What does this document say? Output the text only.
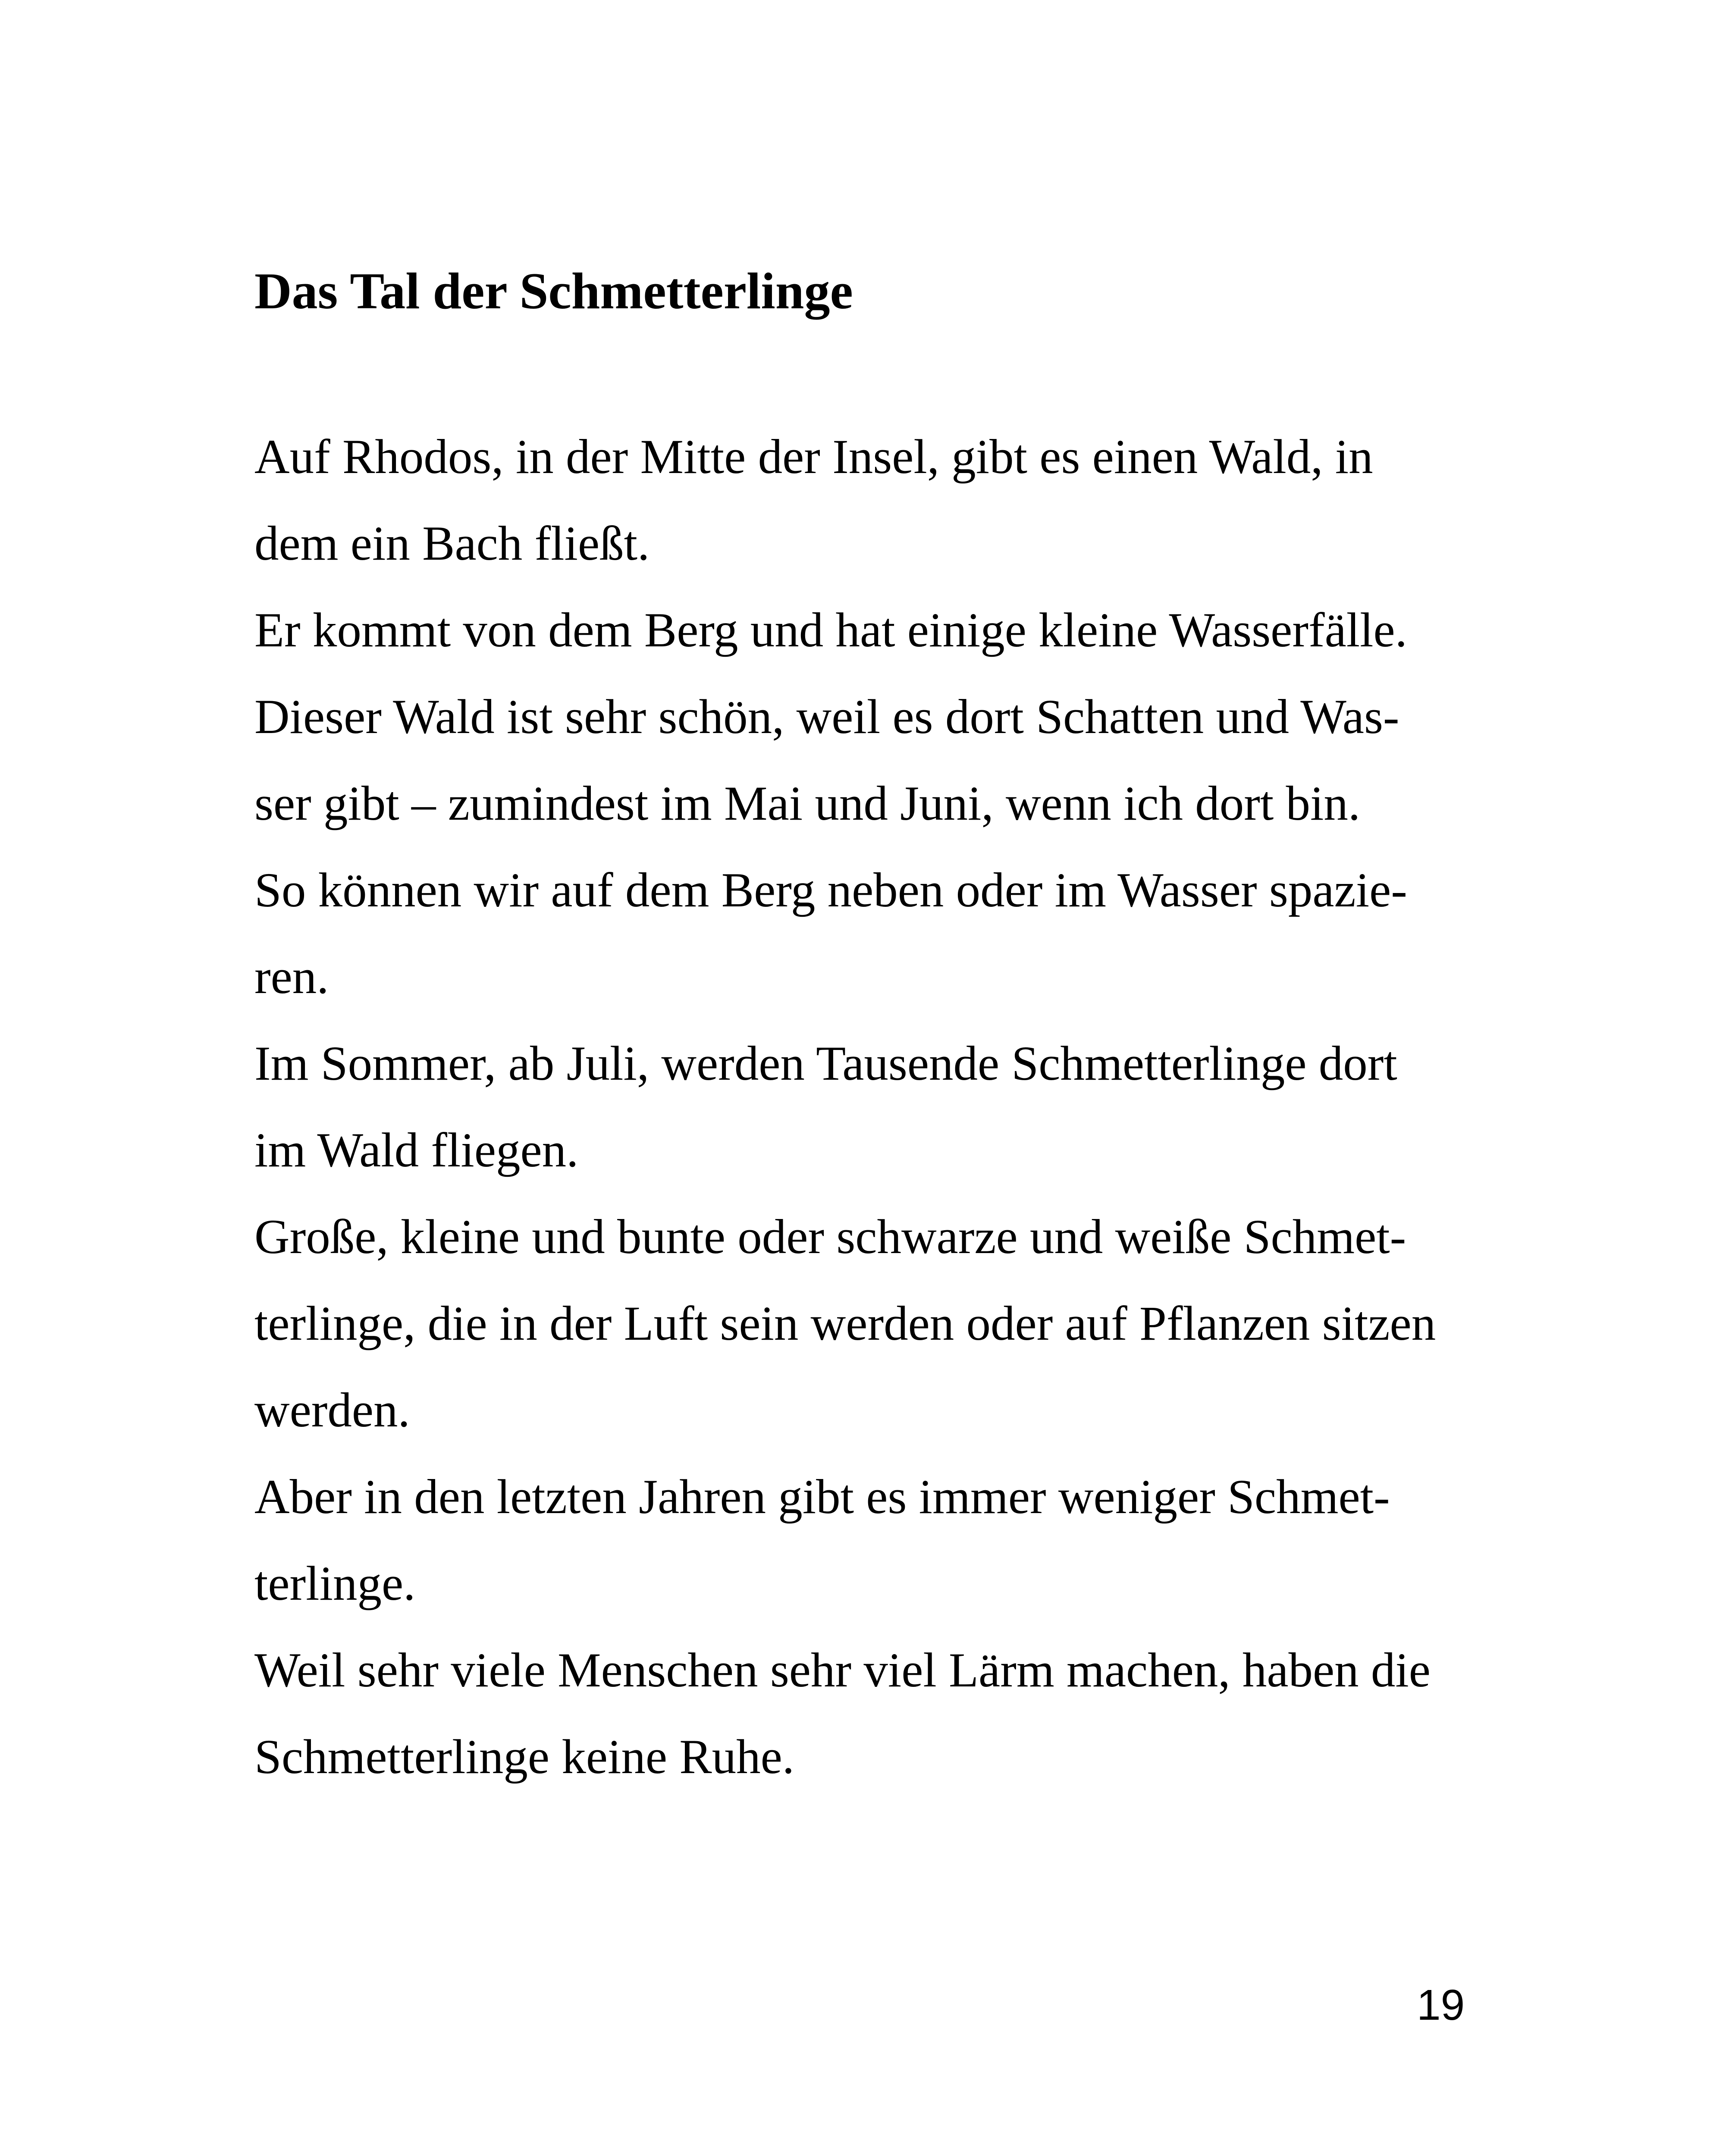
Das Tal der Schmetterlinge

Auf Rhodos, in der Mitte der Insel, gibt es einen Wald, in

dem ein Bach fließt.

Er kommt von dem Berg und hat einige kleine Wasserfälle.

Dieser Wald ist sehr schön, weil es dort Schatten und Was-

ser gibt – zumindest im Mai und Juni, wenn ich dort bin.

So können wir auf dem Berg neben oder im Wasser spazie-

ren.

Im Sommer, ab Juli, werden Tausende Schmetterlinge dort

im Wald fliegen.

Große, kleine und bunte oder schwarze und weiße Schmet-

terlinge, die in der Luft sein werden oder auf Pflanzen sitzen

werden.

Aber in den letzten Jahren gibt es immer weniger Schmet-

terlinge.

Weil sehr viele Menschen sehr viel Lärm machen, haben die

Schmetterlinge keine Ruhe.

19
